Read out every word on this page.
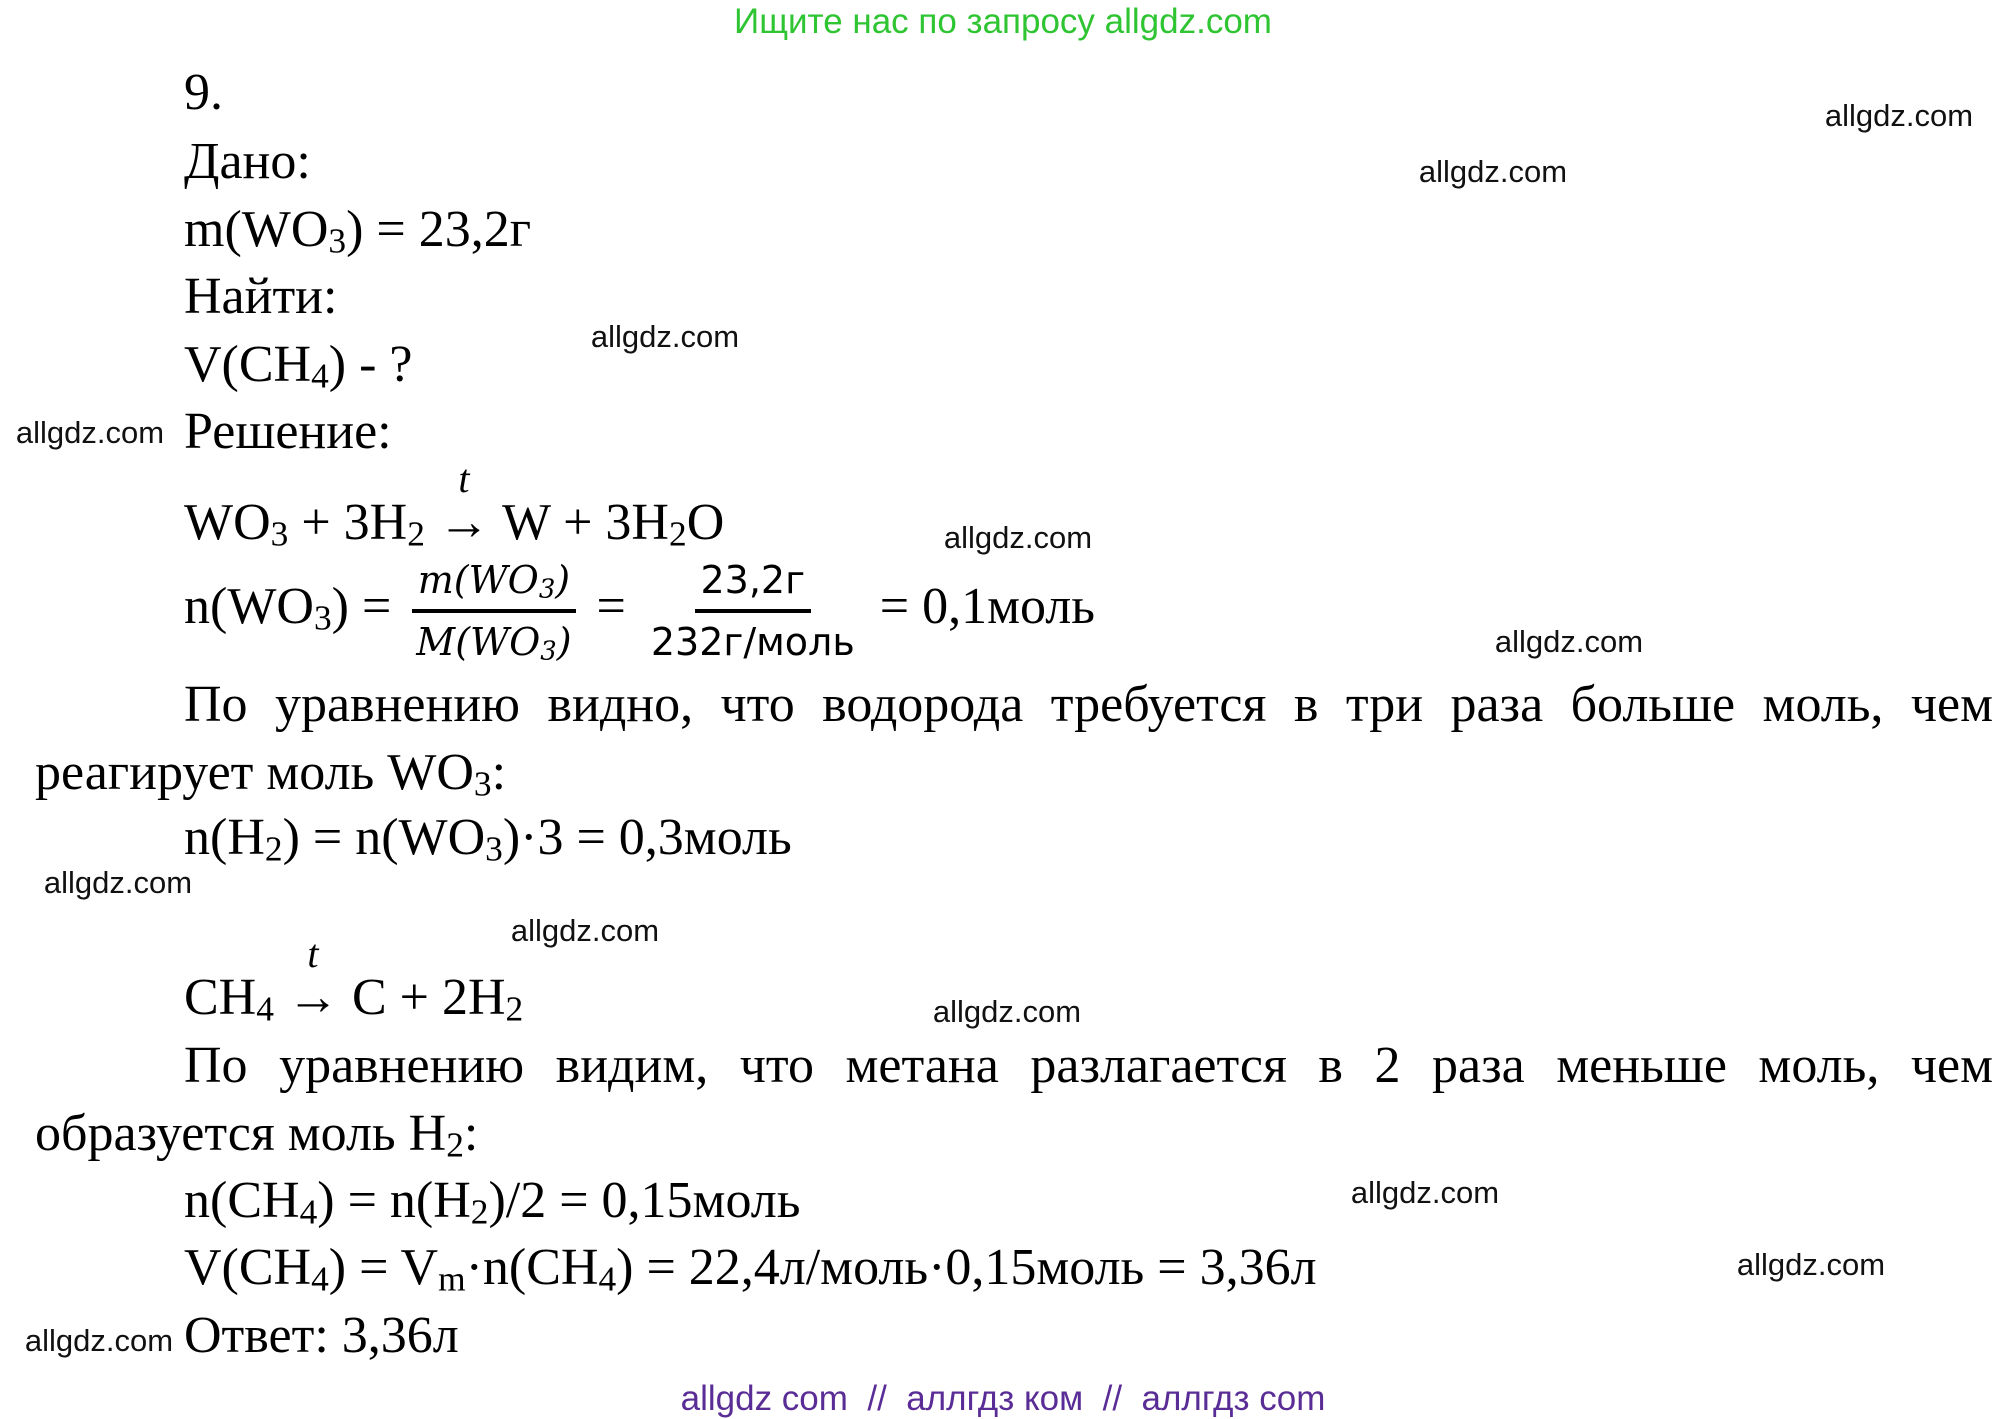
Ищите нас по запросу allgdz.com
9.
Дано:
$m(WO_3) = 23,2г$
Найти:
$V(CH_4)$ - ?
Решение:
$WO_3 + 3H_2$ →
t
$W + 3H_2O$
$n(WO_3) = \frac{m(WO_3)}{M(WO_3)} = \frac{23,2г}{\text{232г/моль}}$ = 0,1моль
По уравнению видно, что водорода требуется в три раза больше моль, чем реагирует моль $WO_3$:
$n(H_2) = n(WO_3)\cdot 3$ = 0,3моль
$CH_4$ →
t
$C + 2H_2$
По уравнению видим, что метана разлагается в 2 раза меньше моль, чем образуется моль $H_2$:
$n(CH_4) = n(H_2)/2$ = 0,15моль
$V(CH_4) = V_m\cdot n(CH_4)$ = 22,4л/моль·0,15моль = 3,36л
Ответ: 3,36л
allgdz.com
allgdz.com
allgdz.com
allgdz.com
allgdz.com
allgdz.com
allgdz.com
allgdz.com
allgdz.com
allgdz.com
allgdz.com
allgdz.com
allgdz com  //  аллгдз ком  //  аллгдз com
